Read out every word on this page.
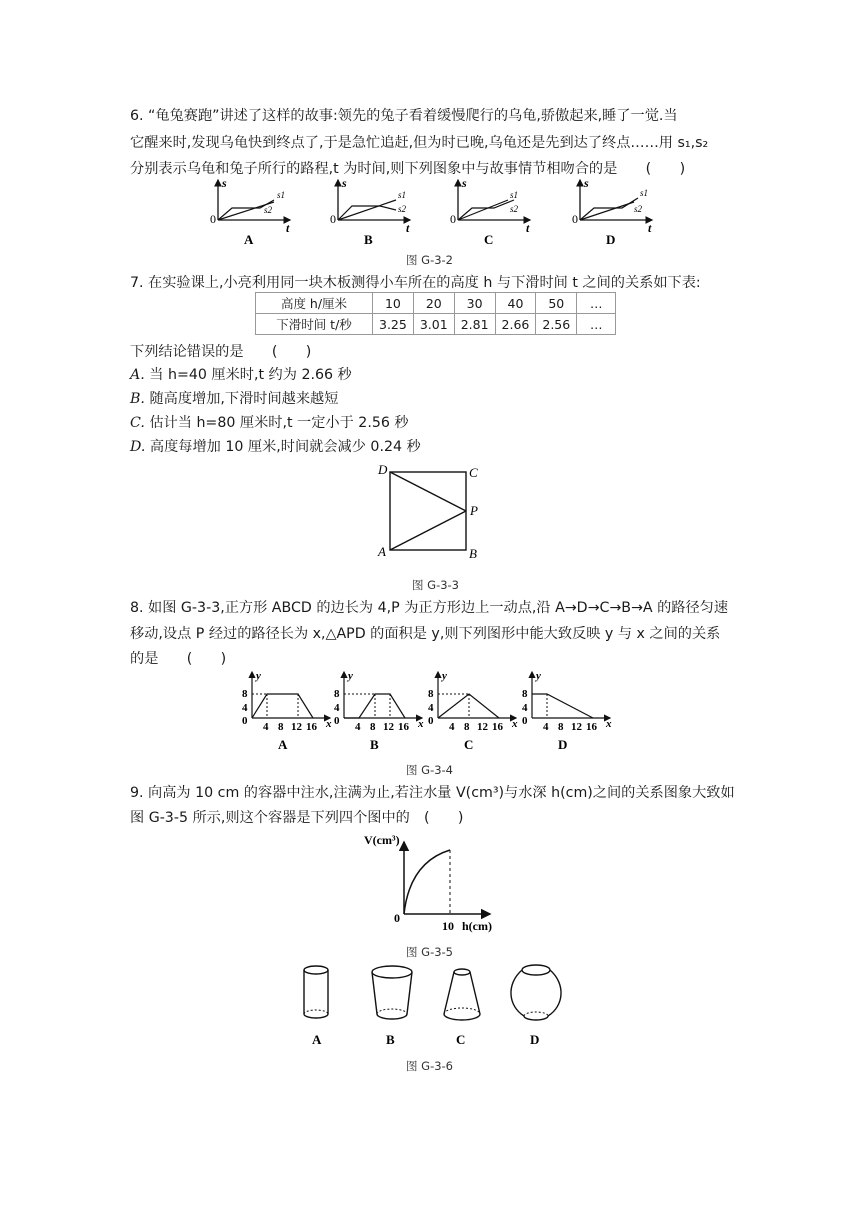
6. “龟兔赛跑”讲述了这样的故事:领先的兔子看着缓慢爬行的乌龟,骄傲起来,睡了一觉.当
它醒来时,发现乌龟快到终点了,于是急忙追赶,但为时已晚,乌龟还是先到达了终点……用 s₁,s₂
分别表示乌龟和兔子所行的路程,t 为时间,则下列图象中与故事情节相吻合的是　　(　　)
0
s
t
s1
s2
A
0
s
t
s1
s2
B
0
s
t
s1
s2
C
0
s
t
s1
s2
D
图 G-3-2
7. 在实验课上,小亮利用同一块木板测得小车所在的高度 h 与下滑时间 t 之间的关系如下表:
高度 h/厘米	10	20	30	40	50	…
下滑时间 t/秒	3.25	3.01	2.81	2.66	2.56	…
下列结论错误的是　　(　　)
A. 当 h=40 厘米时,t 约为 2.66 秒
B. 随高度增加,下滑时间越来越短
C. 估计当 h=80 厘米时,t 一定小于 2.56 秒
D. 高度每增加 10 厘米,时间就会减少 0.24 秒
D	C
P
A	B
图 G-3-3
8. 如图 G-3-3,正方形 ABCD 的边长为 4,P 为正方形边上一动点,沿 A→D→C→B→A 的路径匀速
移动,设点 P 经过的路径长为 x,△APD 的面积是 y,则下列图形中能大致反映 y 与 x 之间的关系
的是　　(　　)
y
8
4
0 4 8 12 16 x
A
y
8
4
0 4 8 12 16 x
B
y
8
4
0 4 8 12 16 x
C
y
8
4
0 4 8 12 16 x
D
图 G-3-4
9. 向高为 10 cm 的容器中注水,注满为止,若注水量 V(cm³)与水深 h(cm)之间的关系图象大致如
图 G-3-5 所示,则这个容器是下列四个图中的　(　　)
V(cm³)
0
10 h(cm)
图 G-3-5
A	B	C	D
图 G-3-6
